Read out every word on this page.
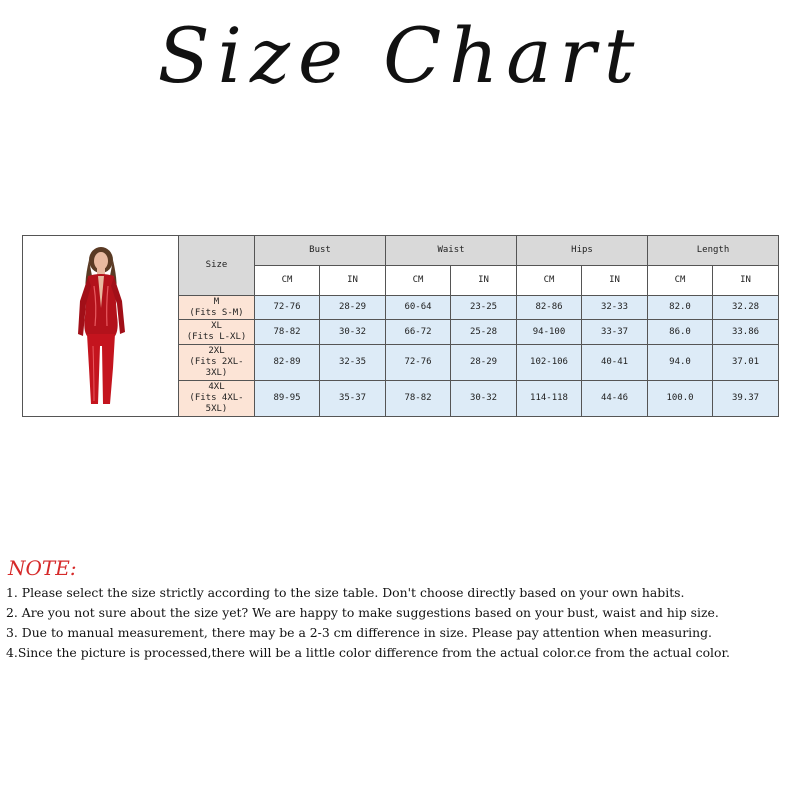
Size Chart
	Size	Bust		Waist		Hips		Length	
		CM	IN	CM	IN	CM	IN	CM	IN

	M
(Fits S-M)	72-76	28-29	60-64	23-25	82-86	32-33	82.0	32.28

	XL
(Fits L-XL)	78-82	30-32	66-72	25-28	94-100	33-37	86.0	33.86

	2XL
(Fits 2XL-3XL)	82-89	32-35	72-76	28-29	102-106	40-41	94.0	37.01

	4XL
(Fits 4XL-5XL)	89-95	35-37	78-82	30-32	114-118	44-46	100.0	39.37
NOTE:
1. Please select the size strictly according to the size table. Don't choose directly based on your own habits.
2. Are you not sure about the size yet? We are happy to make suggestions based on your bust, waist and hip size.
3. Due to manual measurement, there may be a 2-3 cm difference in size. Please pay attention when measuring.
4.Since the picture is processed,there will be a little color difference from the actual color.ce from the actual color.
